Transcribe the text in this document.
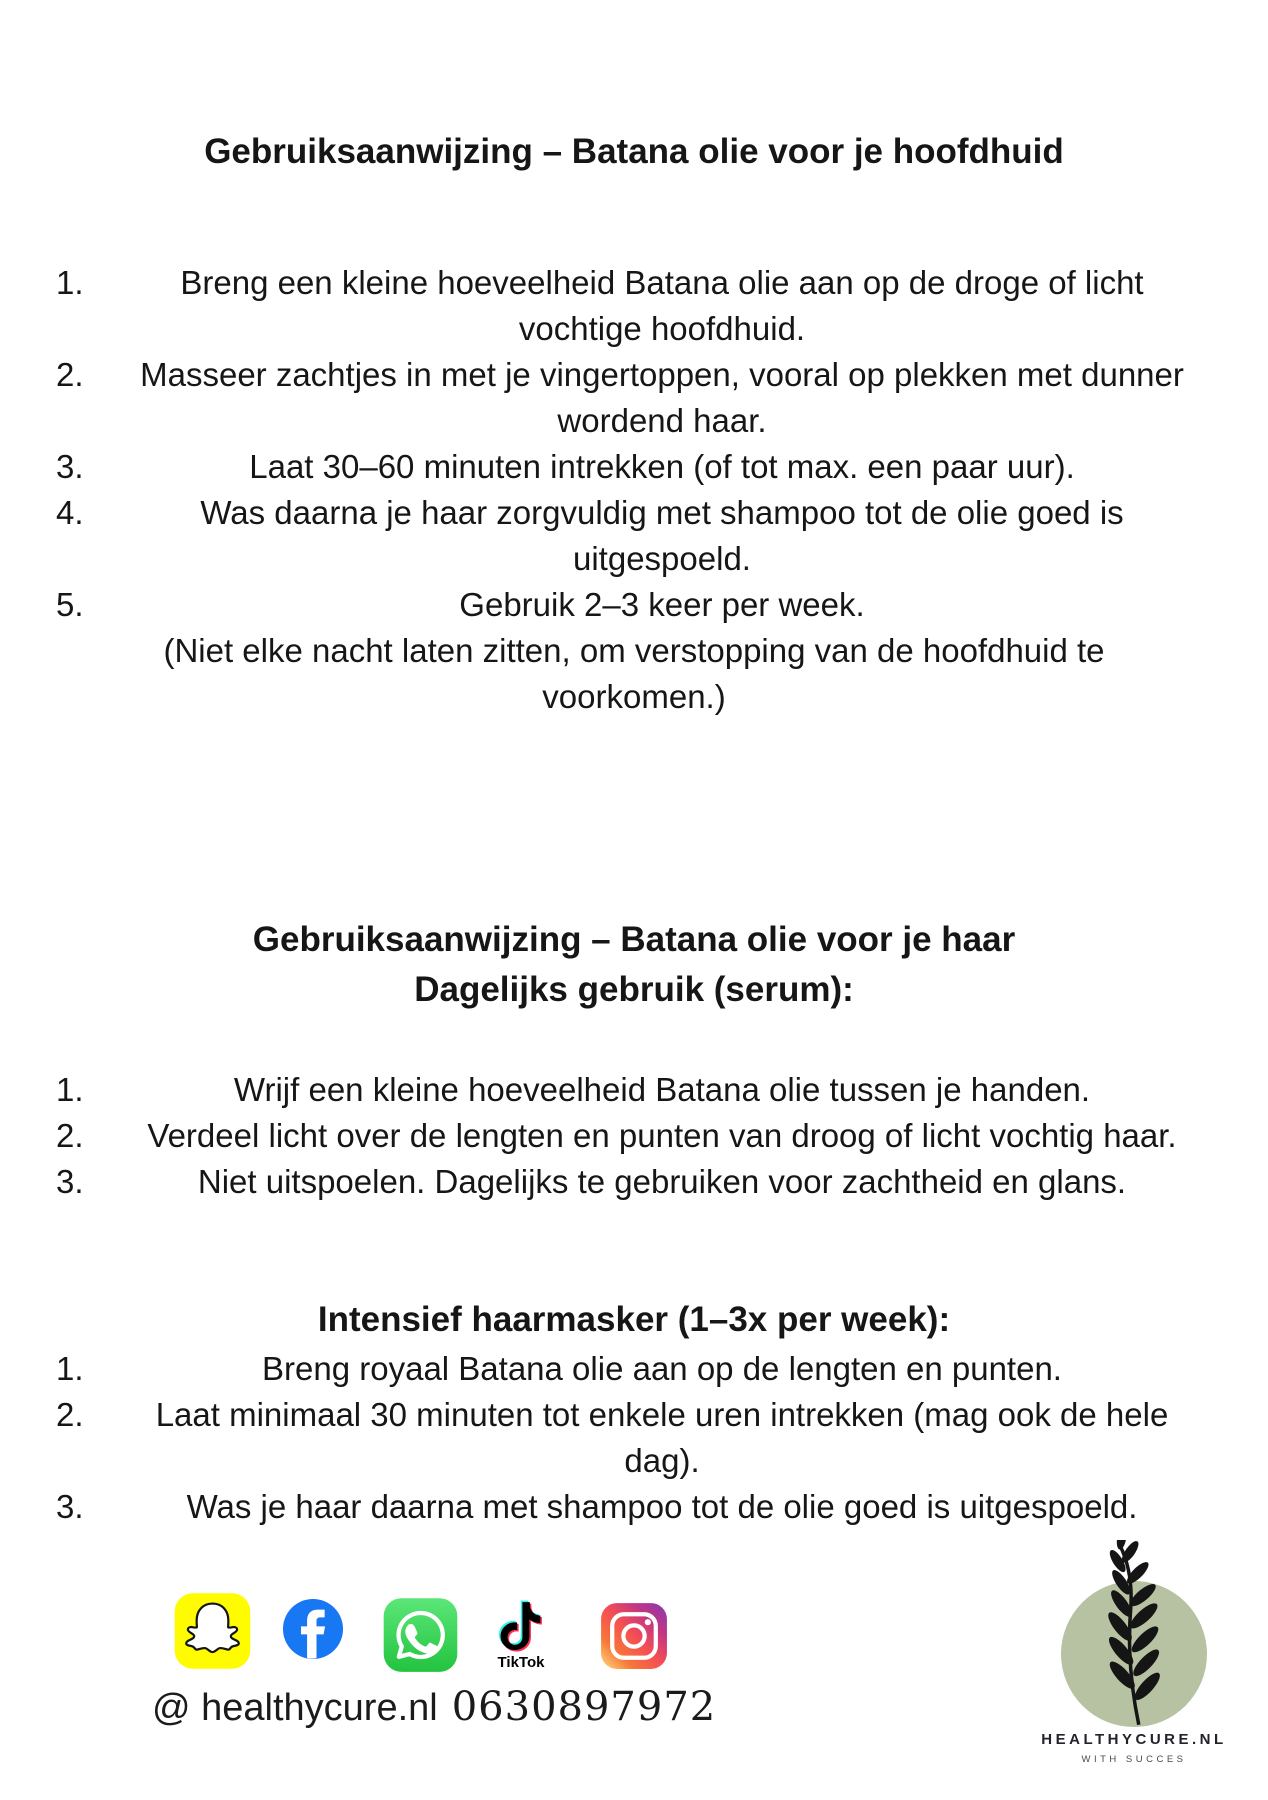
Gebruiksaanwijzing – Batana olie voor je hoofdhuid
1.	Breng een kleine hoeveelheid Batana olie aan op de droge of licht
vochtige hoofdhuid.
2.	Masseer zachtjes in met je vingertoppen, vooral op plekken met dunner
wordend haar.
3.	Laat 30–60 minuten intrekken (of tot max. een paar uur).
4.	Was daarna je haar zorgvuldig met shampoo tot de olie goed is
uitgespoeld.
5.	Gebruik 2–3 keer per week.
(Niet elke nacht laten zitten, om verstopping van de hoofdhuid te
voorkomen.)
Gebruiksaanwijzing – Batana olie voor je haar
Dagelijks gebruik (serum):
1.	Wrijf een kleine hoeveelheid Batana olie tussen je handen.
2.	Verdeel licht over de lengten en punten van droog of licht vochtig haar.
3.	Niet uitspoelen. Dagelijks te gebruiken voor zachtheid en glans.
Intensief haarmasker (1–3x per week):
1.	Breng royaal Batana olie aan op de lengten en punten.
2.	Laat minimaal 30 minuten tot enkele uren intrekken (mag ook de hele
dag).
3.	Was je haar daarna met shampoo tot de olie goed is uitgespoeld.
TikTok
@ healthycure.nl 0630897972
HEALTHYCURE.NL
WITH SUCCES
